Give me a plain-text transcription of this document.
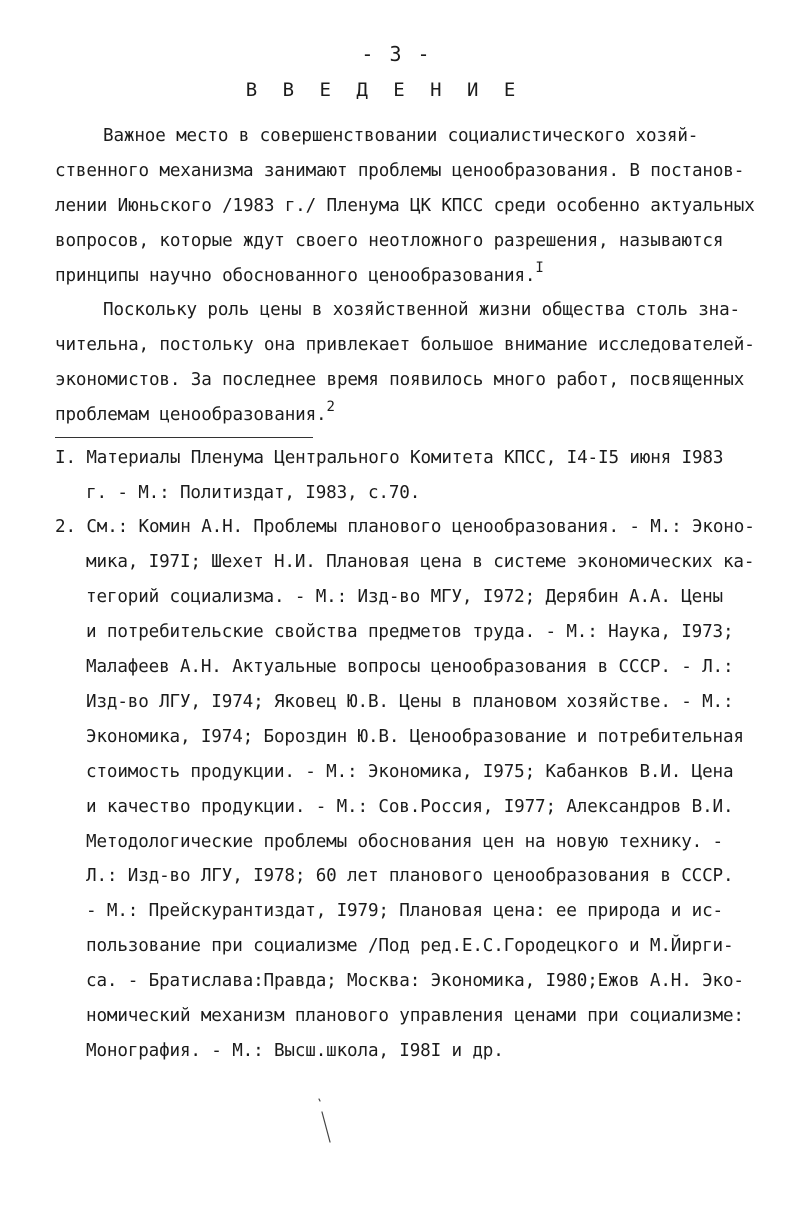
- 3 -
В В Е Д Е Н И Е
Важное место в совершенствовании социалистического хозяй-
ственного механизма занимают проблемы ценообразования. В постанов-
лении Июньского /1983 г./ Пленума ЦК КПСС среди особенно актуальных
вопросов, которые ждут своего неотложного разрешения, называются
принципы научно обоснованного ценообразования.$^I$
Поскольку роль цены в хозяйственной жизни общества столь зна-
чительна, постольку она привлекает большое внимание исследователей-
экономистов. За последнее время появилось много работ, посвященных
проблемам ценообразования.$^2$
I. Материалы Пленума Центрального Комитета КПСС, I4-I5 июня I983
г. - М.: Политиздат, I983, с.70.
2. См.: Комин А.Н. Проблемы планового ценообразования. - М.: Эконо-
мика, I97I; Шехет Н.И. Плановая цена в системе экономических ка-
тегорий социализма. - М.: Изд-во МГУ, I972; Дерябин А.А. Цены
и потребительские свойства предметов труда. - М.: Наука, I973;
Малафеев А.Н. Актуальные вопросы ценообразования в СССР. - Л.:
Изд-во ЛГУ, I974; Яковец Ю.В. Цены в плановом хозяйстве. - М.:
Экономика, I974; Бороздин Ю.В. Ценообразование и потребительная
стоимость продукции. - М.: Экономика, I975; Кабанков В.И. Цена
и качество продукции. - М.: Сов.Россия, I977; Александров В.И.
Методологические проблемы обоснования цен на новую технику. -
Л.: Изд-во ЛГУ, I978; 60 лет планового ценообразования в СССР.
- М.: Прейскурантиздат, I979; Плановая цена: ее природа и ис-
пользование при социализме /Под ред.Е.С.Городецкого и М.Йирги-
са. - Братислава:Правда; Москва: Экономика, I980;Ежов А.Н. Эко-
номический механизм планового управления ценами при социализме:
Монография. - М.: Высш.школа, I98I и др.
